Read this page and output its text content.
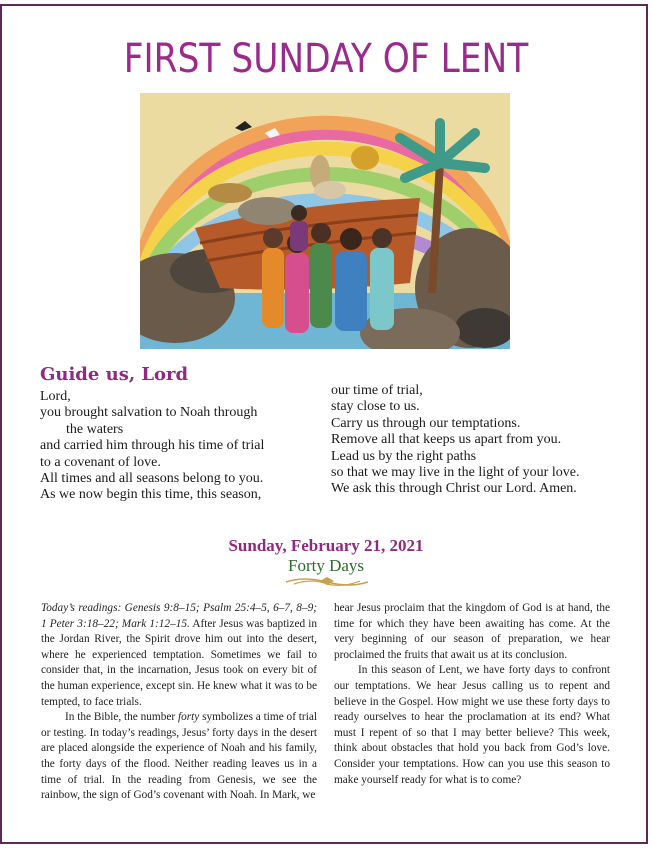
FIRST SUNDAY OF LENT
Guide us, Lord
Lord,
you brought salvation to Noah through
the waters
and carried him through his time of trial
to a covenant of love.
All times and all seasons belong to you.
As we now begin this time, this season,
our time of trial,
stay close to us.
Carry us through our temptations.
Remove all that keeps us apart from you.
Lead us by the right paths
so that we may live in the light of your love.
We ask this through Christ our Lord. Amen.
Sunday, February 21, 2021
Forty Days

Today’s readings: Genesis 9:8–15; Psalm 25:4–5, 6–7, 8–9; 1 Peter 3:18–22; Mark 1:12–15. After Jesus was baptized in the Jordan River, the Spirit drove him out into the desert, where he experienced temptation. Sometimes we fail to consider that, in the incarnation, Jesus took on every bit of the human experience, except sin. He knew what it was to be tempted, to face trials.

In the Bible, the number forty symbolizes a time of trial or testing. In today’s readings, Jesus’ forty days in the desert are placed alongside the experience of Noah and his family, the forty days of the flood. Neither reading leaves us in a time of trial. In the reading from Genesis, we see the rainbow, the sign of God’s covenant with Noah. In Mark, we

hear Jesus proclaim that the kingdom of God is at hand, the time for which they have been awaiting has come. At the very beginning of our season of preparation, we hear proclaimed the fruits that await us at its conclusion.

In this season of Lent, we have forty days to confront our temptations. We hear Jesus calling us to repent and believe in the Gospel. How might we use these forty days to ready ourselves to hear the proclamation at its end? What must I repent of so that I may better believe? This week, think about obstacles that hold you back from God’s love. Consider your temptations. How can you use this season to make yourself ready for what is to come?
